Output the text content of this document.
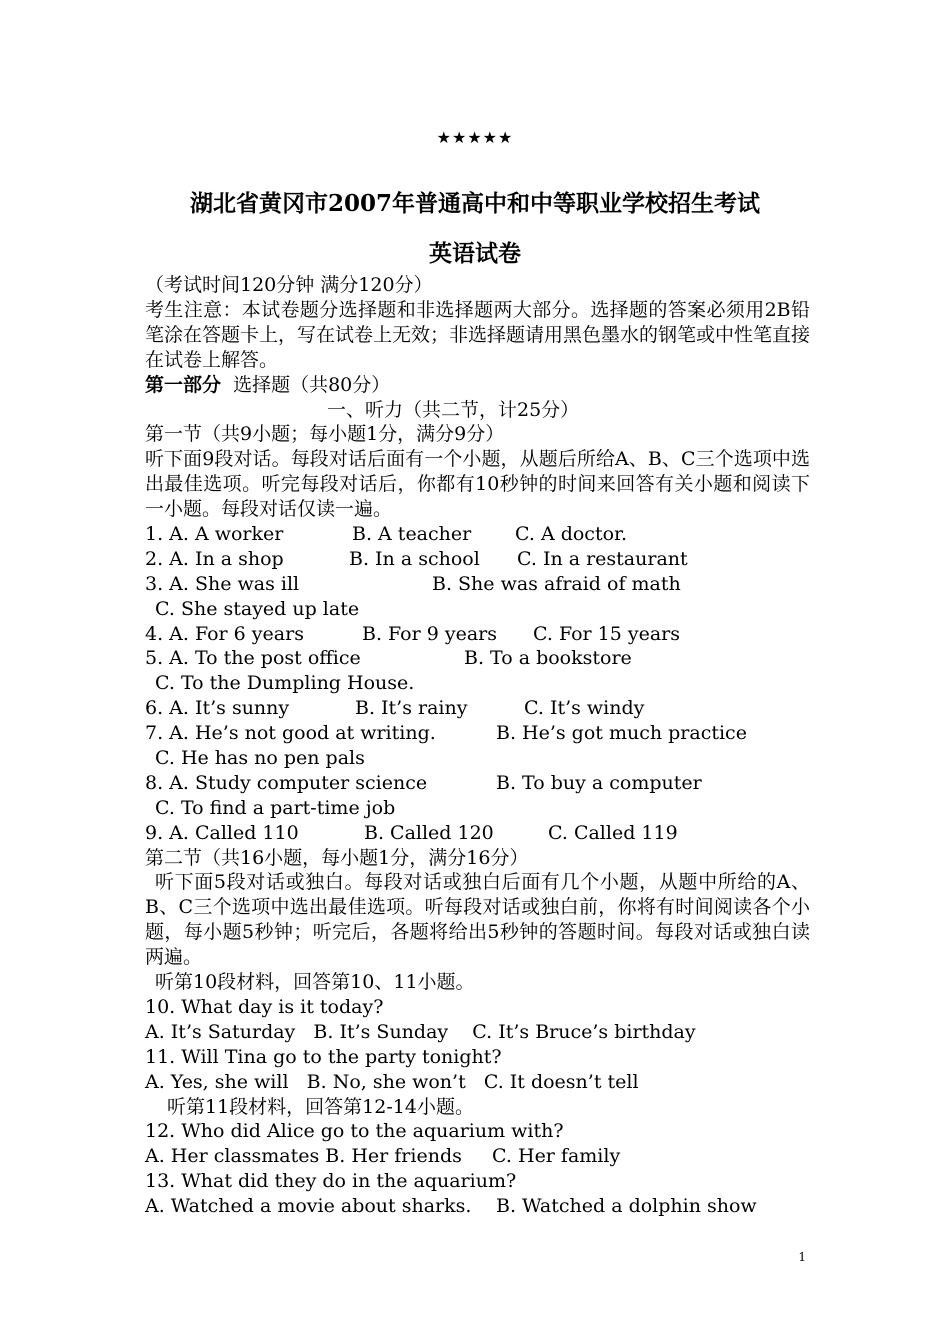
★★★★★
湖北省黄冈市2007年普通高中和中等职业学校招生考试
英语试卷
（考试时间120分钟 满分120分）
考生注意：本试卷题分选择题和非选择题两大部分。选择题的答案必须用2B铅笔涂在答题卡上，写在试卷上无效；非选择题请用黑色墨水的钢笔或中性笔直接在试卷上解答。
第一部分  选择题（共80分）
一、听力（共二节，计25分）
第一节（共9小题；每小题1分，满分9分）
听下面9段对话。每段对话后面有一个小题，从题后所给A、B、C三个选项中选出最佳选项。听完每段对话后，你都有10秒钟的时间来回答有关小题和阅读下一小题。每段对话仅读一遍。
1. A. A worker	B. A teacher C. A doctor.
2. A. In a shop	B. In a school C. In a restaurant
3. A. She was ill	B. She was afraid of math
C. She stayed up late
4. A. For 6 years	B. For 9 years C. For 15 years
5. A. To the post office	B. To a bookstore
C. To the Dumpling House.
6. A. It’s sunny	B. It’s rainy	C. It’s windy
7. A. He’s not good at writing.	B. He’s got much practice
C. He has no pen pals
8. A. Study computer science	B. To buy a computer
C. To find a part-time job
9. A. Called 110	B. Called 120	C. Called 119
第二节（共16小题，每小题1分，满分16分）
听下面5段对话或独白。每段对话或独白后面有几个小题，从题中所给的A、B、C三个选项中选出最佳选项。听每段对话或独白前，你将有时间阅读各个小题，每小题5秒钟；听完后，各题将给出5秒钟的答题时间。每段对话或独白读两遍。
听第10段材料，回答第10、11小题。
10. What day is it today?
A. It’s Saturday   B. It’s Sunday    C. It’s Bruce’s birthday
11. Will Tina go to the party tonight?
A. Yes, she will   B. No, she won’t   C. It doesn’t tell
听第11段材料，回答第12-14小题。
12. Who did Alice go to the aquarium with?
A. Her classmates B. Her friends     C. Her family
13. What did they do in the aquarium?
A. Watched a movie about sharks. B. Watched a dolphin show
1
